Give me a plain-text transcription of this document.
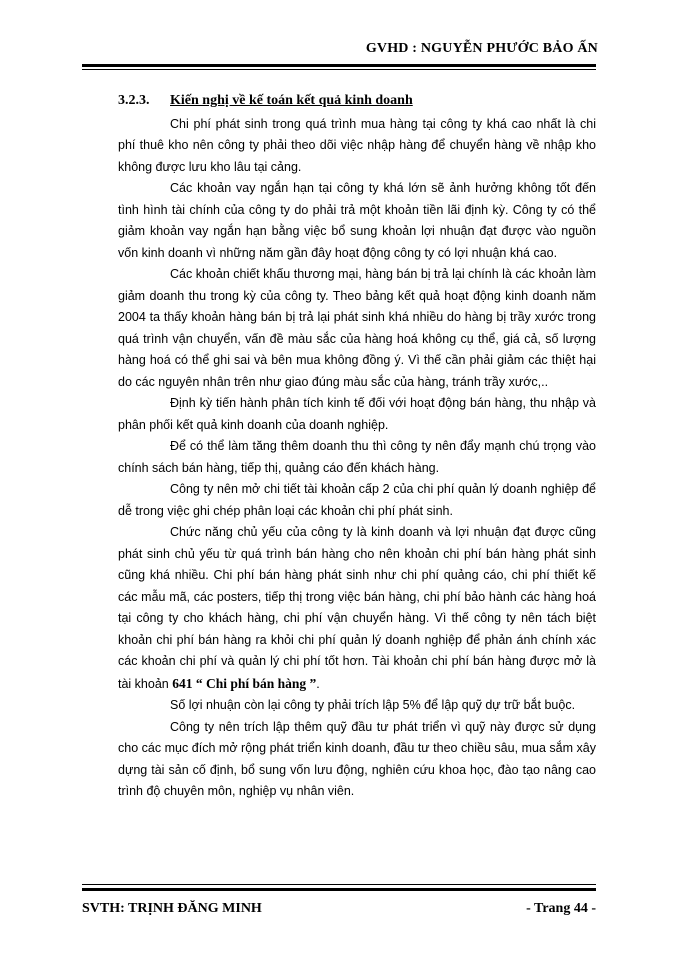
GVHD : NGUYỄN PHƯỚC BẢO ẤN
3.2.3. Kiến nghị về kế toán kết quả kinh doanh

Chi phí phát sinh trong quá trình mua hàng tại công ty khá cao nhất là chi phí thuê kho nên công ty phải theo dõi việc nhập hàng để chuyển hàng về nhập kho không được lưu kho lâu tại cảng.

Các khoản vay ngắn hạn tại công ty khá lớn sẽ ảnh hưởng không tốt đến tình hình tài chính của công ty do phải trả một khoản tiền lãi định kỳ. Công ty có thể giảm khoản vay ngắn hạn bằng việc bổ sung khoản lợi nhuận đạt được vào nguồn vốn kinh doanh vì những năm gần đây hoạt động công ty có lợi nhuận khá cao.

Các khoản chiết khấu thương mại, hàng bán bị trả lại chính là các khoản làm giảm doanh thu trong kỳ của công ty. Theo bảng kết quả hoạt động kinh doanh năm 2004 ta thấy khoản hàng bán bị trả lại phát sinh khá nhiều do hàng bị trầy xước trong quá trình vận chuyển, vấn đề màu sắc của hàng hoá không cụ thể, giá cả, số lượng hàng hoá có thể ghi sai và bên mua không đồng ý. Vì thế cần phải giảm các thiệt hại do các nguyên nhân trên như giao đúng màu sắc của hàng, tránh trầy xước,..

Định kỳ tiến hành phân tích kinh tế đối với hoạt động bán hàng, thu nhập và phân phối kết quả kinh doanh của doanh nghiệp.

Để có thể làm tăng thêm doanh thu thì công ty nên đẩy mạnh chú trọng vào chính sách bán hàng, tiếp thị, quảng cáo đến khách hàng.

Công ty nên mở chi tiết tài khoản cấp 2 của chi phí quản lý doanh nghiệp để dễ trong việc ghi chép phân loại các khoản chi phí phát sinh.

Chức năng chủ yếu của công ty là kinh doanh và lợi nhuận đạt được cũng phát sinh chủ yếu từ quá trình bán hàng cho nên khoản chi phí bán hàng phát sinh cũng khá nhiều. Chi phí bán hàng phát sinh như chi phí quảng cáo, chi phí thiết kế các mẫu mã, các posters, tiếp thị trong việc bán hàng, chi phí bảo hành các hàng hoá tại công ty cho khách hàng, chi phí vận chuyển hàng. Vì thế công ty nên tách biệt khoản chi phí bán hàng ra khỏi chi phí quản lý doanh nghiệp để phản ánh chính xác các khoản chi phí và quản lý chi phí tốt hơn. Tài khoản chi phí bán hàng được mở là tài khoản 641 “ Chi phí bán hàng ”.

Số lợi nhuận còn lại công ty phải trích lập 5% để lập quỹ dự trữ bắt buộc.

Công ty nên trích lập thêm quỹ đầu tư phát triển vì quỹ này được sử dụng cho các mục đích mở rộng phát triển kinh doanh, đầu tư theo chiều sâu, mua sắm xây dựng tài sản cố định, bổ sung vốn lưu động, nghiên cứu khoa học, đào tạo nâng cao trình độ chuyên môn, nghiệp vụ nhân viên.

SVTH: TRỊNH ĐĂNG MINH	- Trang 44 -
